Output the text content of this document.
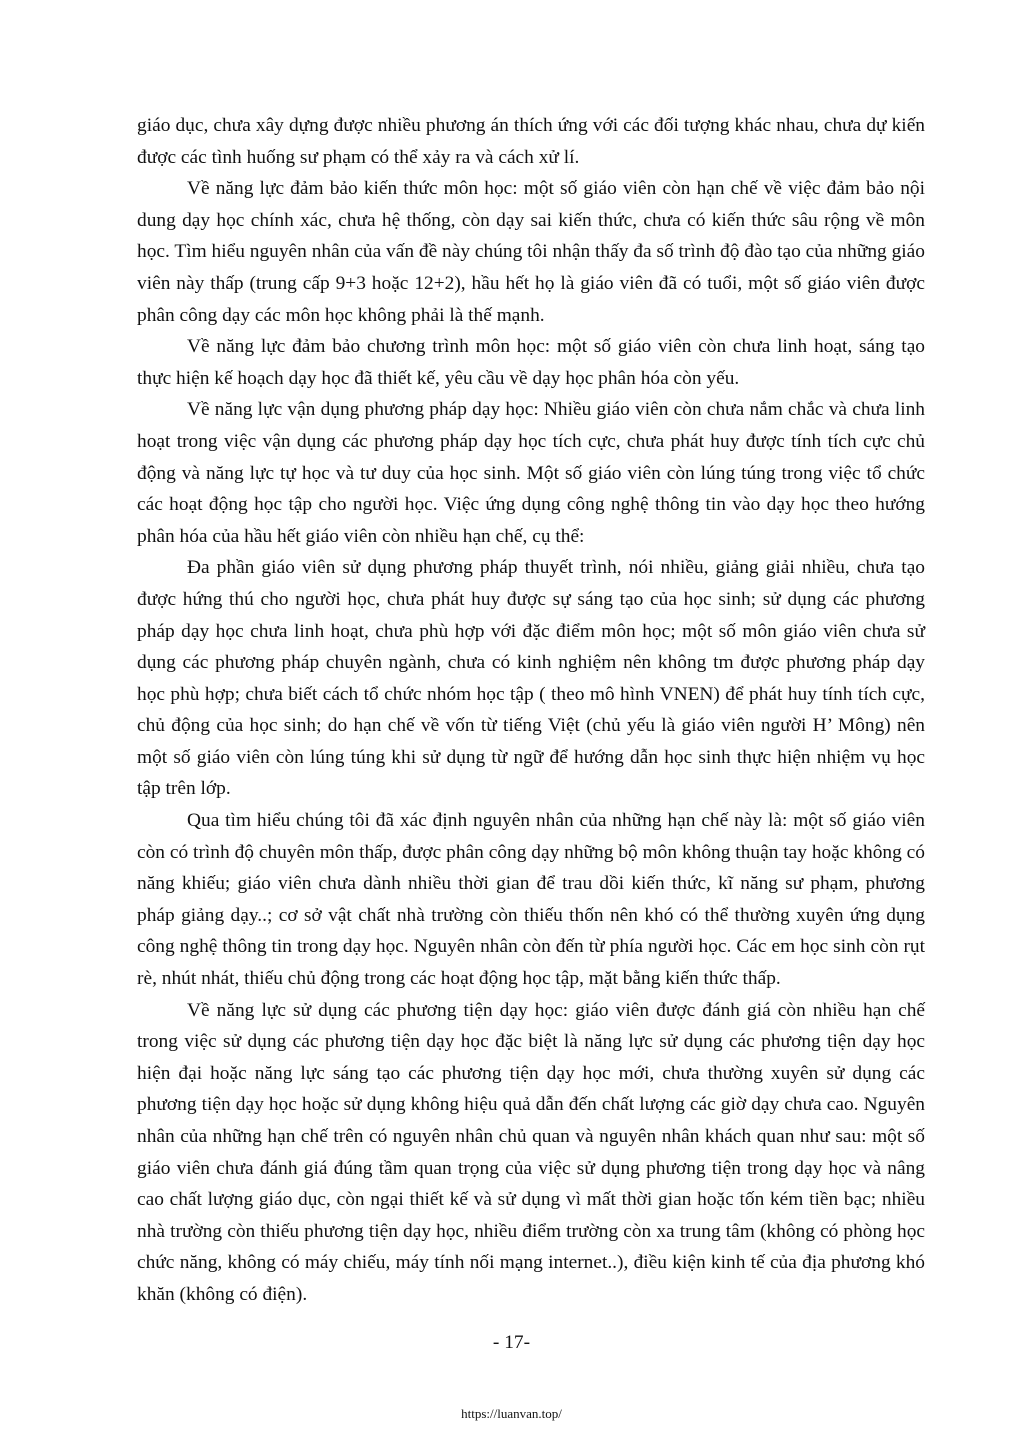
giáo dục, chưa xây dựng được nhiều phương án thích ứng với các đối tượng khác nhau, chưa dự kiến được các tình huống sư phạm có thể xảy ra và cách xử lí.

Về năng lực đảm bảo kiến thức môn học: một số giáo viên còn hạn chế về việc đảm bảo nội dung dạy học chính xác, chưa hệ thống, còn dạy sai kiến thức, chưa có kiến thức sâu rộng về môn học. Tìm hiểu nguyên nhân của vấn đề này chúng tôi nhận thấy đa số trình độ đào tạo của những giáo viên này thấp (trung cấp 9+3 hoặc 12+2), hầu hết họ là giáo viên đã có tuổi, một số giáo viên được phân công dạy các môn học không phải là thế mạnh.

Về năng lực đảm bảo chương trình môn học: một số giáo viên còn chưa linh hoạt, sáng tạo thực hiện kế hoạch dạy học đã thiết kế, yêu cầu về dạy học phân hóa còn yếu.

Về năng lực vận dụng phương pháp dạy học: Nhiều giáo viên còn chưa nắm chắc và chưa linh hoạt trong việc vận dụng các phương pháp dạy học tích cực, chưa phát huy được tính tích cực chủ động và năng lực tự học và tư duy của học sinh. Một số giáo viên còn lúng túng trong việc tổ chức các hoạt động học tập cho người học. Việc ứng dụng công nghệ thông tin vào dạy học theo hướng phân hóa của hầu hết giáo viên còn nhiều hạn chế, cụ thể:

Đa phần giáo viên sử dụng phương pháp thuyết trình, nói nhiều, giảng giải nhiều, chưa tạo được hứng thú cho người học, chưa phát huy được sự sáng tạo của học sinh; sử dụng các phương pháp dạy học chưa linh hoạt, chưa phù hợp với đặc điểm môn học; một số môn giáo viên chưa sử dụng các phương pháp chuyên ngành, chưa có kinh nghiệm nên không tm được phương pháp dạy học phù hợp; chưa biết cách tổ chức nhóm học tập ( theo mô hình VNEN) để phát huy tính tích cực, chủ động của học sinh; do hạn chế về vốn từ tiếng Việt (chủ yếu là giáo viên người H’ Mông) nên một số giáo viên còn lúng túng khi sử dụng từ ngữ để hướng dẫn học sinh thực hiện nhiệm vụ học tập trên lớp.

Qua tìm hiểu chúng tôi đã xác định nguyên nhân của những hạn chế này là: một số giáo viên còn có trình độ chuyên môn thấp, được phân công dạy những bộ môn không thuận tay hoặc không có năng khiếu; giáo viên chưa dành nhiều thời gian để trau dồi kiến thức, kĩ năng sư phạm, phương pháp giảng dạy..; cơ sở vật chất nhà trường còn thiếu thốn nên khó có thể thường xuyên ứng dụng công nghệ thông tin trong dạy học. Nguyên nhân còn đến từ phía người học. Các em học sinh còn rụt rè, nhút nhát, thiếu chủ động trong các hoạt động học tập, mặt bằng kiến thức thấp.

Về năng lực sử dụng các phương tiện dạy học: giáo viên được đánh giá còn nhiều hạn chế trong việc sử dụng các phương tiện dạy học đặc biệt là năng lực sử dụng các phương tiện dạy học hiện đại hoặc năng lực sáng tạo các phương tiện dạy học mới, chưa thường xuyên sử dụng các phương tiện dạy học hoặc sử dụng không hiệu quả dẫn đến chất lượng các giờ dạy chưa cao. Nguyên nhân của những hạn chế trên có nguyên nhân chủ quan và nguyên nhân khách quan như sau: một số giáo viên chưa đánh giá đúng tầm quan trọng của việc sử dụng phương tiện trong dạy học và nâng cao chất lượng giáo dục, còn ngại thiết kế và sử dụng vì mất thời gian hoặc tốn kém tiền bạc; nhiều nhà trường còn thiếu phương tiện dạy học, nhiều điểm trường còn xa trung tâm (không có phòng học chức năng, không có máy chiếu, máy tính nối mạng internet..), điều kiện kinh tế của địa phương khó khăn (không có điện).

- 17-
https://luanvan.top/
